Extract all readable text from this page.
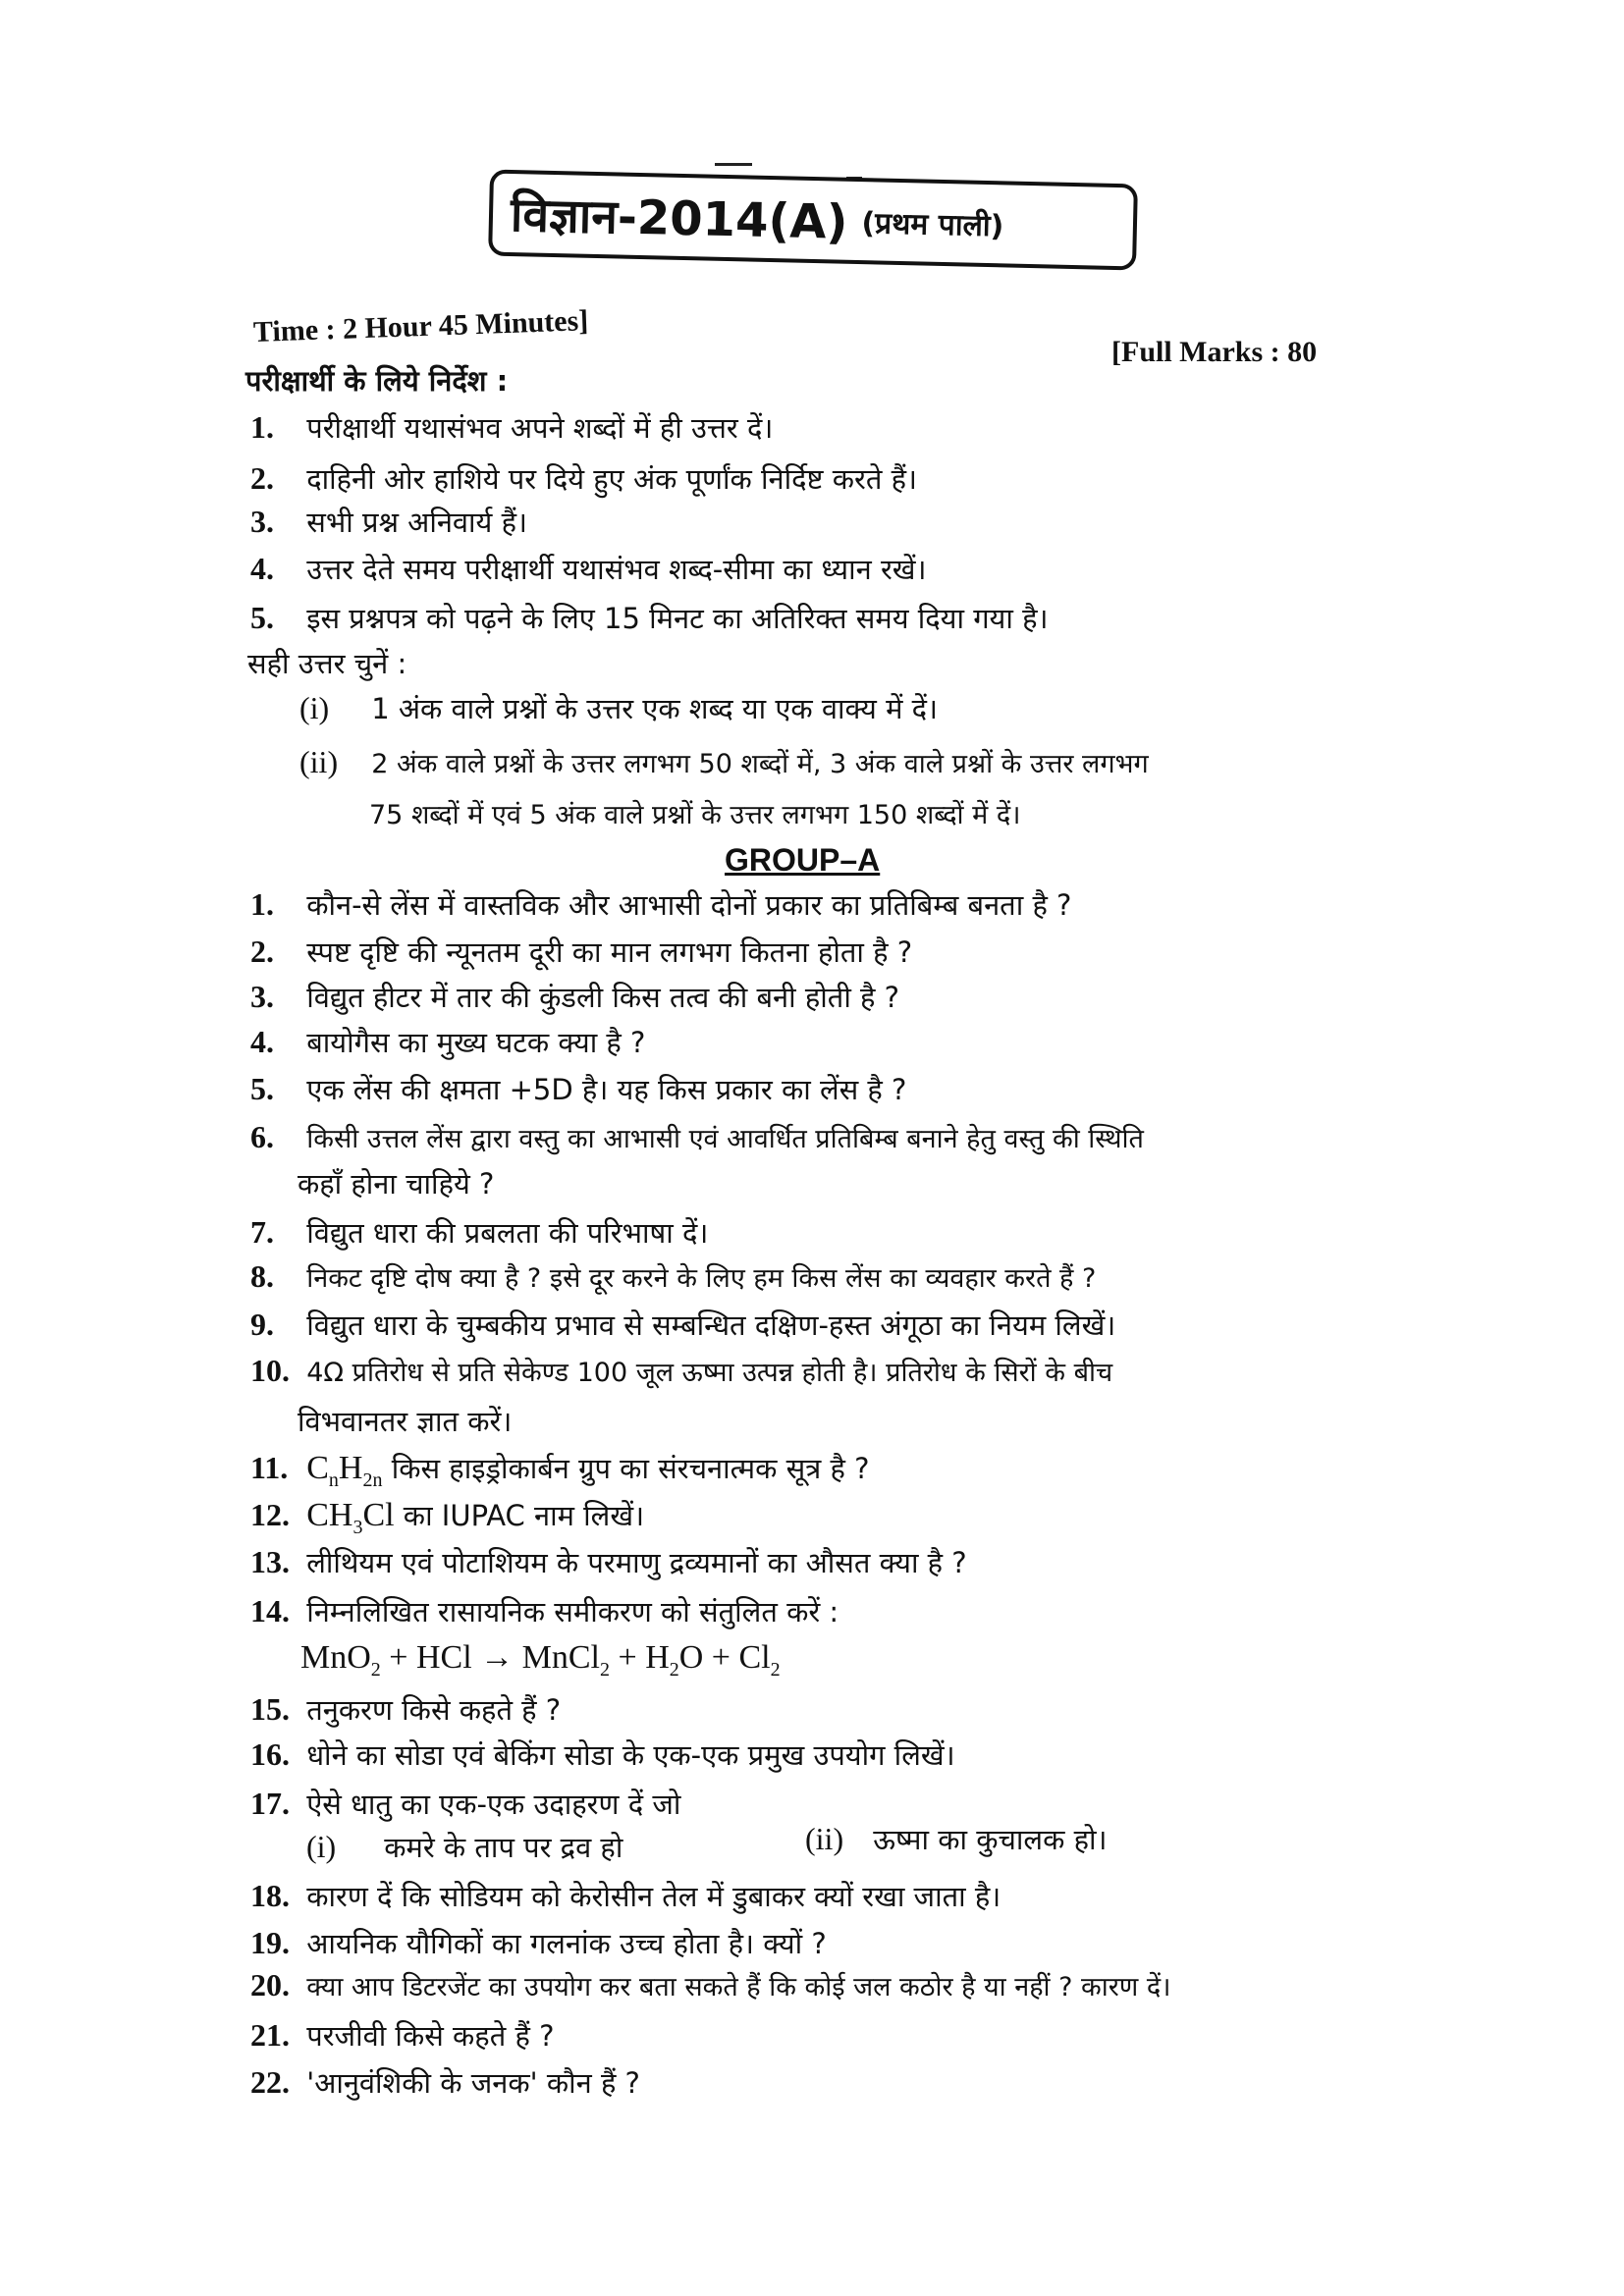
विज्ञान-2014(A) (प्रथम पाली)
Time : 2 Hour 45 Minutes]
[Full Marks : 80
परीक्षार्थी के लिये निर्देश :
1. परीक्षार्थी यथासंभव अपने शब्दों में ही उत्तर दें।
2. दाहिनी ओर हाशिये पर दिये हुए अंक पूर्णांक निर्दिष्ट करते हैं।
3. सभी प्रश्न अनिवार्य हैं।
4. उत्तर देते समय परीक्षार्थी यथासंभव शब्द-सीमा का ध्यान रखें।
5. इस प्रश्नपत्र को पढ़ने के लिए 15 मिनट का अतिरिक्त समय दिया गया है।
सही उत्तर चुनें :
(i) 1 अंक वाले प्रश्नों के उत्तर एक शब्द या एक वाक्य में दें।
(ii) 2 अंक वाले प्रश्नों के उत्तर लगभग 50 शब्दों में, 3 अंक वाले प्रश्नों के उत्तर लगभग
75 शब्दों में एवं 5 अंक वाले प्रश्नों के उत्तर लगभग 150 शब्दों में दें।
GROUP–A
1. कौन-से लेंस में वास्तविक और आभासी दोनों प्रकार का प्रतिबिम्ब बनता है ?
2. स्पष्ट दृष्टि की न्यूनतम दूरी का मान लगभग कितना होता है ?
3. विद्युत हीटर में तार की कुंडली किस तत्व की बनी होती है ?
4. बायोगैस का मुख्य घटक क्या है ?
5. एक लेंस की क्षमता +5D है। यह किस प्रकार का लेंस है ?
6. किसी उत्तल लेंस द्वारा वस्तु का आभासी एवं आवर्धित प्रतिबिम्ब बनाने हेतु वस्तु की स्थिति
कहाँ होना चाहिये ?
7. विद्युत धारा की प्रबलता की परिभाषा दें।
8. निकट दृष्टि दोष क्या है ? इसे दूर करने के लिए हम किस लेंस का व्यवहार करते हैं ?
9. विद्युत धारा के चुम्बकीय प्रभाव से सम्बन्धित दक्षिण-हस्त अंगूठा का नियम लिखें।
10. 4Ω प्रतिरोध से प्रति सेकेण्ड 100 जूल ऊष्मा उत्पन्न होती है। प्रतिरोध के सिरों के बीच
विभवानतर ज्ञात करें।
11. $C_nH_{2n}$ किस हाइड्रोकार्बन ग्रुप का संरचनात्मक सूत्र है ?
12. $CH_3Cl$ का IUPAC नाम लिखें।
13. लीथियम एवं पोटाशियम के परमाणु द्रव्यमानों का औसत क्या है ?
14. निम्नलिखित रासायनिक समीकरण को संतुलित करें :
MnO$_2$ + HCl → MnCl$_2$ + $H_2O + Cl_2$
15. तनुकरण किसे कहते हैं ?
16. धोने का सोडा एवं बेकिंग सोडा के एक-एक प्रमुख उपयोग लिखें।
17. ऐसे धातु का एक-एक उदाहरण दें जो
(i) कमरे के ताप पर द्रव हो	(ii) ऊष्मा का कुचालक हो।
18. कारण दें कि सोडियम को केरोसीन तेल में डुबाकर क्यों रखा जाता है।
19. आयनिक यौगिकों का गलनांक उच्च होता है। क्यों ?
20. क्या आप डिटरजेंट का उपयोग कर बता सकते हैं कि कोई जल कठोर है या नहीं ? कारण दें।
21. परजीवी किसे कहते हैं ?
22. 'आनुवंशिकी के जनक' कौन हैं ?
